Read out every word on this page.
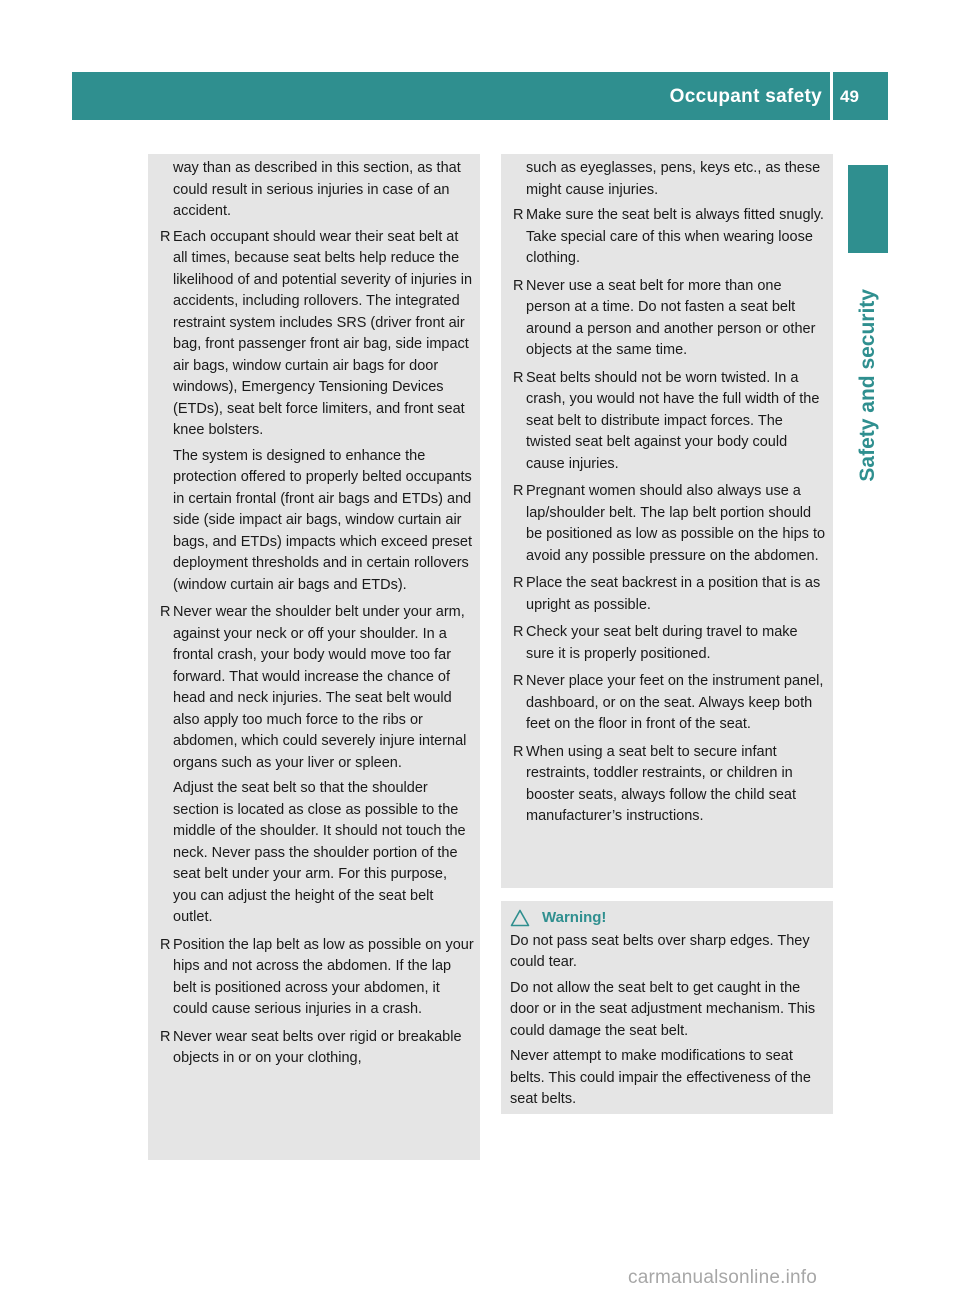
Occupant safety 49
Safety and security

way than as described in this section, as that could result in serious injuries in case of an accident.

R Each occupant should wear their seat belt at all times, because seat belts help reduce the likelihood of and potential severity of injuries in accidents, including rollovers. The integrated restraint system includes SRS (driver front air bag, front passenger front air bag, side impact air bags, window curtain air bags for door windows), Emergency Tensioning Devices (ETDs), seat belt force limiters, and front seat knee bolsters.

The system is designed to enhance the protection offered to properly belted occupants in certain frontal (front air bags and ETDs) and side (side impact air bags, window curtain air bags, and ETDs) impacts which exceed preset deployment thresholds and in certain rollovers (window curtain air bags and ETDs).

R Never wear the shoulder belt under your arm, against your neck or off your shoulder. In a frontal crash, your body would move too far forward. That would increase the chance of head and neck injuries. The seat belt would also apply too much force to the ribs or abdomen, which could severely injure internal organs such as your liver or spleen.

Adjust the seat belt so that the shoulder section is located as close as possible to the middle of the shoulder. It should not touch the neck. Never pass the shoulder portion of the seat belt under your arm. For this purpose, you can adjust the height of the seat belt outlet.

R Position the lap belt as low as possible on your hips and not across the abdomen. If the lap belt is positioned across your abdomen, it could cause serious injuries in a crash.

R Never wear seat belts over rigid or breakable objects in or on your clothing,

such as eyeglasses, pens, keys etc., as these might cause injuries.

R Make sure the seat belt is always fitted snugly. Take special care of this when wearing loose clothing.

R Never use a seat belt for more than one person at a time. Do not fasten a seat belt around a person and another person or other objects at the same time.

R Seat belts should not be worn twisted. In a crash, you would not have the full width of the seat belt to distribute impact forces. The twisted seat belt against your body could cause injuries.

R Pregnant women should also always use a lap/shoulder belt. The lap belt portion should be positioned as low as possible on the hips to avoid any possible pressure on the abdomen.

R Place the seat backrest in a position that is as upright as possible.

R Check your seat belt during travel to make sure it is properly positioned.

R Never place your feet on the instrument panel, dashboard, or on the seat. Always keep both feet on the floor in front of the seat.

R When using a seat belt to secure infant restraints, toddler restraints, or children in booster seats, always follow the child seat manufacturer’s instructions.

Warning!

Do not pass seat belts over sharp edges. They could tear.

Do not allow the seat belt to get caught in the door or in the seat adjustment mechanism. This could damage the seat belt.

Never attempt to make modifications to seat belts. This could impair the effectiveness of the seat belts.

carmanualsonline.info
